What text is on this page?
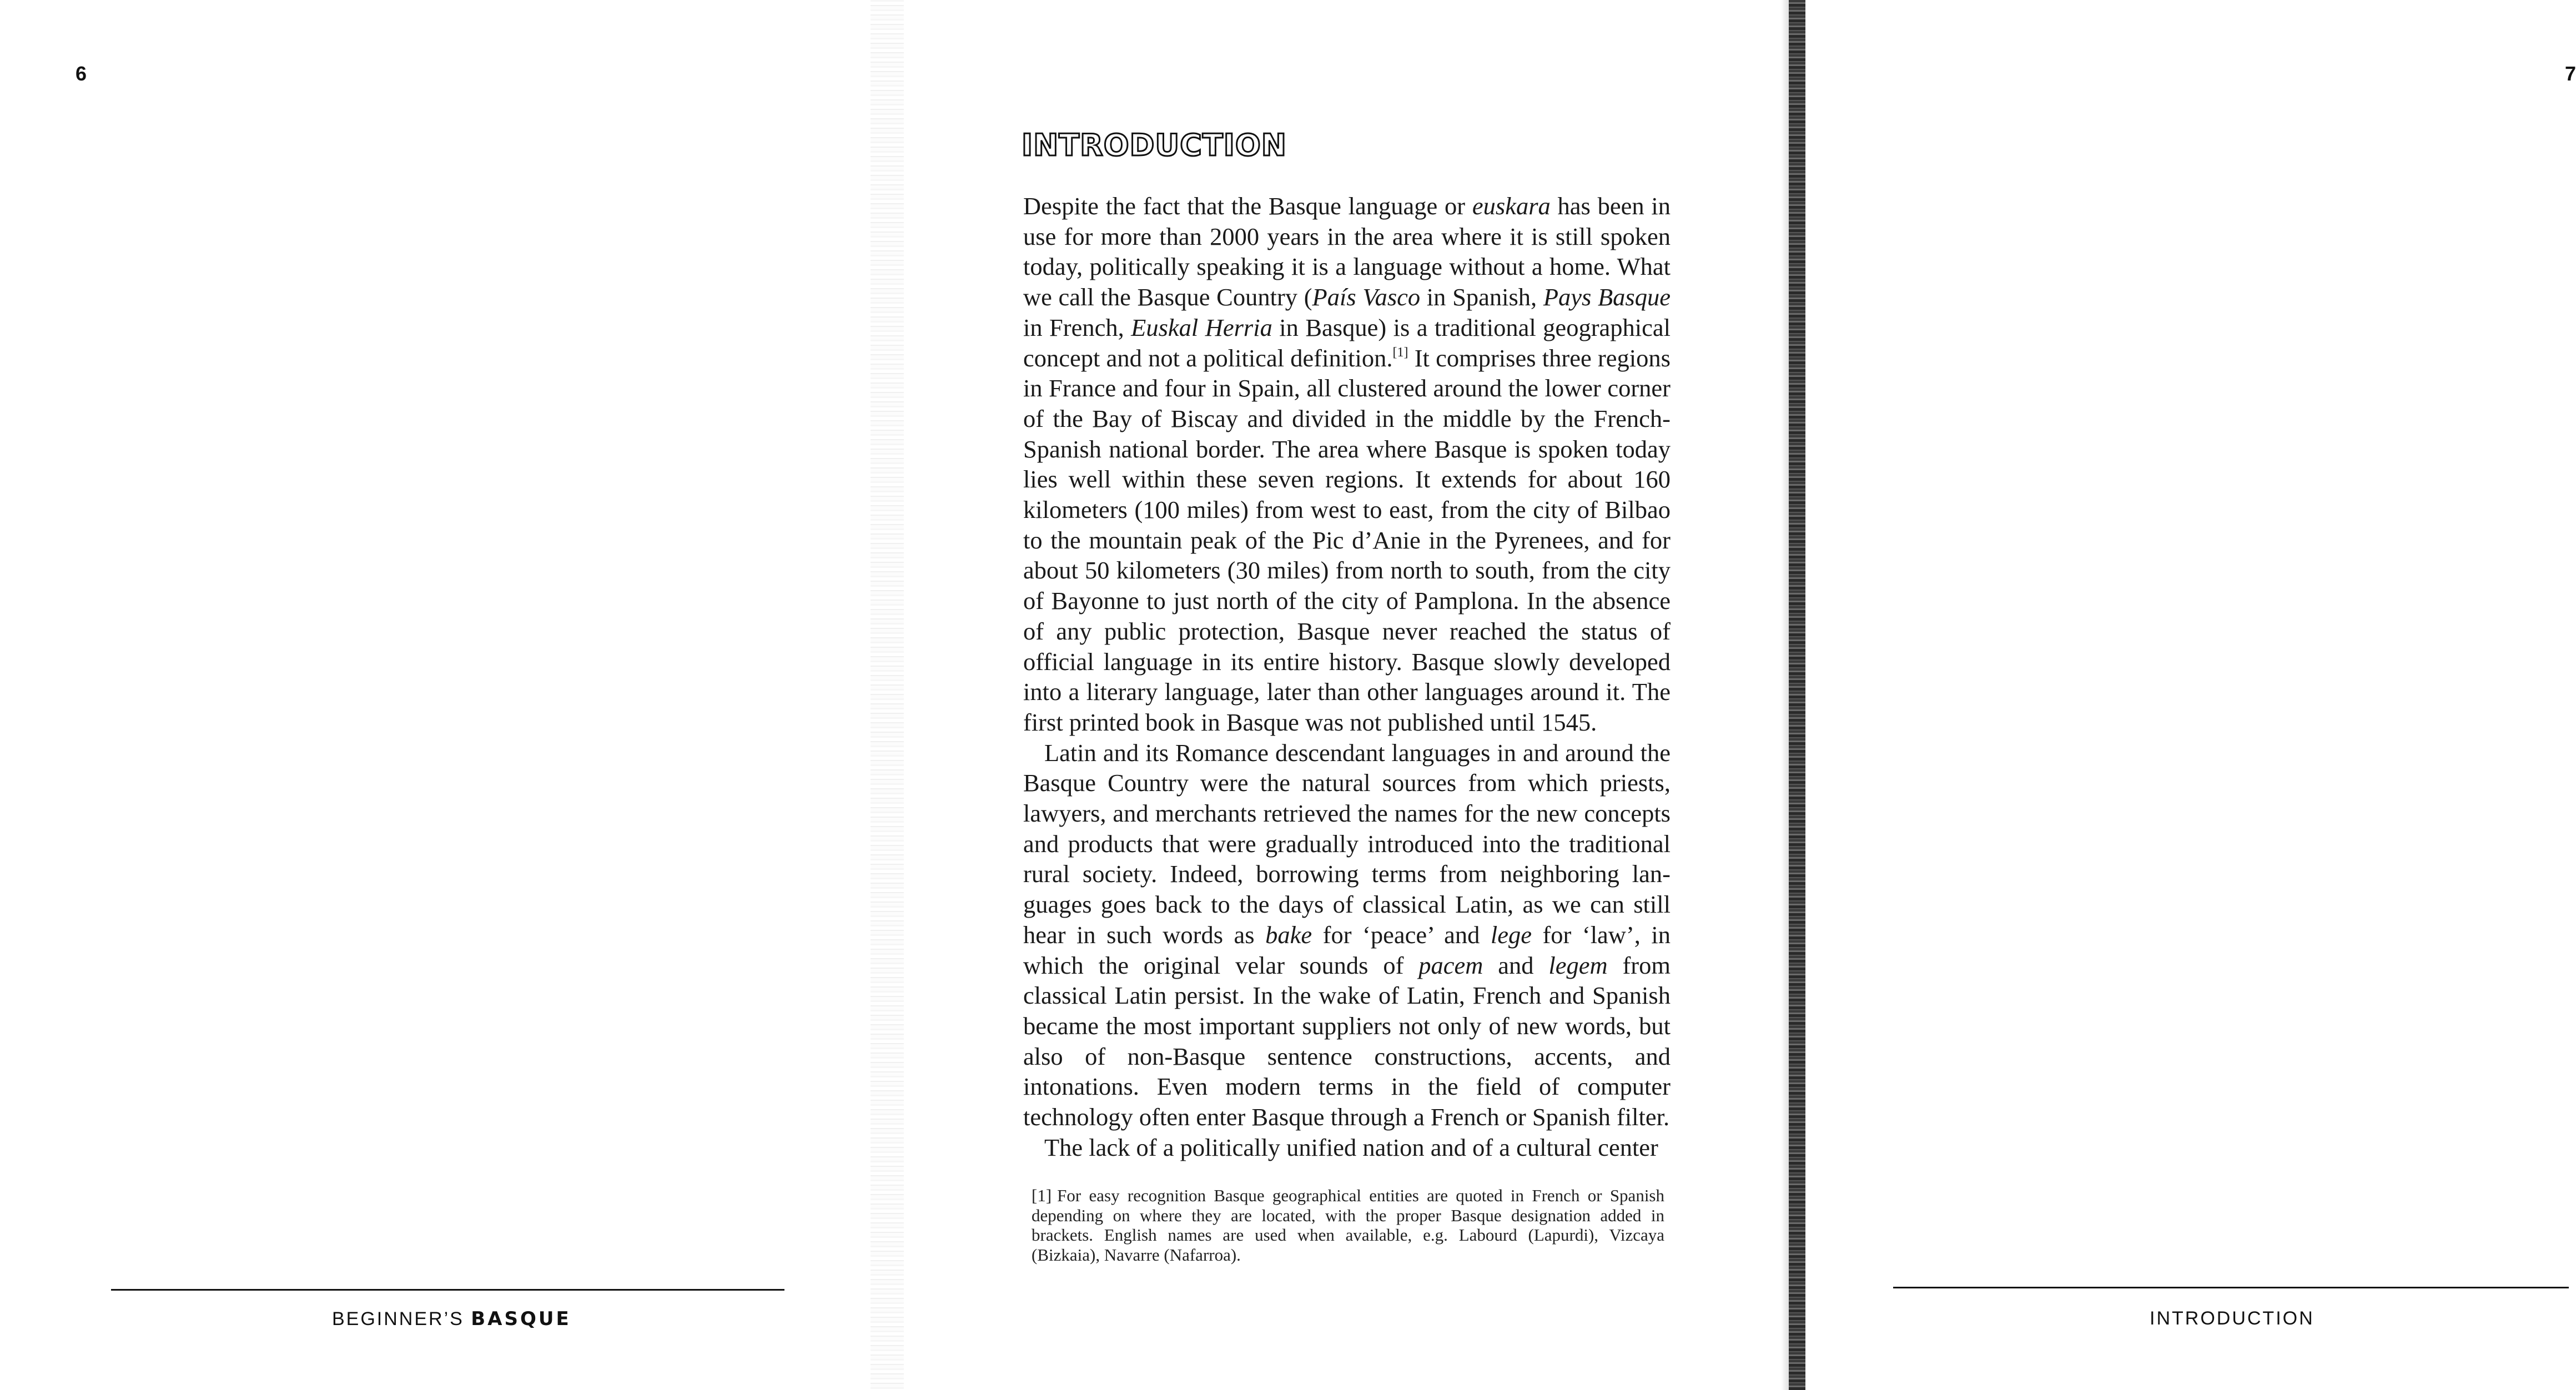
6
BEGINNER’S BASQUE
7
INTRODUCTION
INTRODUCTION

Despite the fact that the Basque language or euskara has been in use for more than 2000 years in the area where it is still spoken today, politically speaking it is a language without a home. What we call the Basque Country (País Vasco in Spanish, Pays Basque in French, Euskal Herria in Basque) is a traditional geographical concept and not a political definition.[1] It comprises three regions in France and four in Spain, all clustered around the lower corner of the Bay of Biscay and divided in the middle by the French-Spanish national border. The area where Basque is spoken today lies well within these seven regions. It extends for about 160 kilometers (100 miles) from west to east, from the city of Bilbao to the mountain peak of the Pic d’Anie in the Pyrenees, and for about 50 kilometers (30 miles) from north to south, from the city of Bayonne to just north of the city of Pamplona. In the absence of any public protection, Basque never reached the status of official language in its entire history. Basque slowly developed into a literary language, later than other languages around it. The first printed book in Basque was not published until 1545.

Latin and its Romance descendant languages in and around the Basque Country were the natural sources from which priests, lawyers, and merchants retrieved the names for the new concepts and products that were gradually introduced into the traditional rural society. Indeed, borrowing terms from neighboring languages goes back to the days of classical Latin, as we can still hear in such words as bake for ‘peace’ and lege for ‘law’, in which the original velar sounds of pacem and legem from classical Latin persist. In the wake of Latin, French and Spanish became the most important suppliers not only of new words, but also of non-Basque sentence constructions, accents, and intonations. Even modern terms in the field of computer technology often enter Basque through a French or Spanish filter.

The lack of a politically unified nation and of a cultural center

[1] For easy recognition Basque geographical entities are quoted in French or Spanish depending on where they are located, with the proper Basque designation added in brackets. English names are used when available, e.g. Labourd (Lapurdi), Vizcaya (Bizkaia), Navarre (Nafarroa).
